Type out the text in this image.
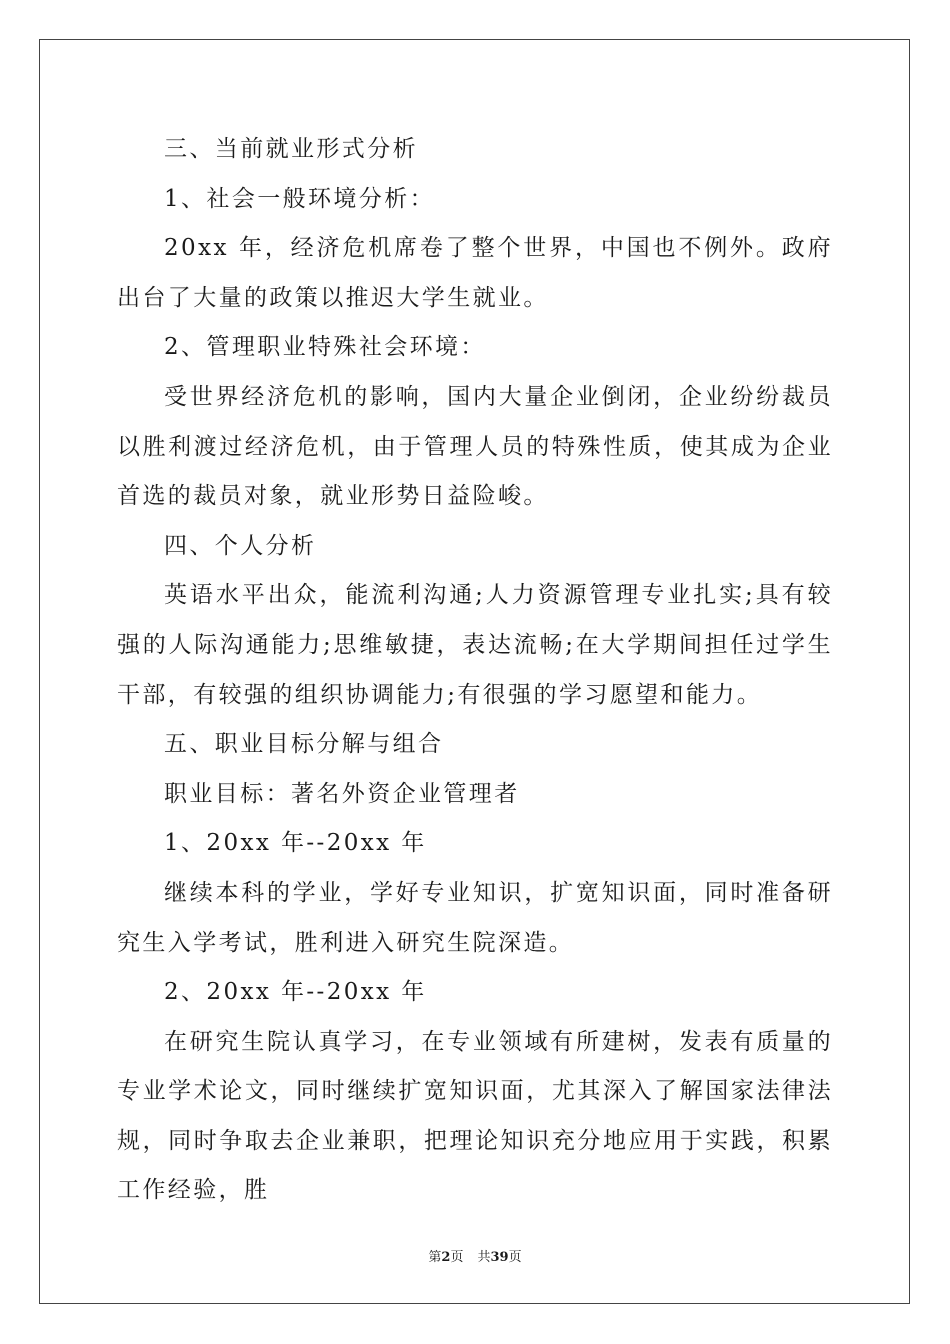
三、当前就业形式分析

1、社会一般环境分析：

20xx 年，经济危机席卷了整个世界，中国也不例外。政府出台了大量的政策以推迟大学生就业。

2、管理职业特殊社会环境：

受世界经济危机的影响，国内大量企业倒闭，企业纷纷裁员以胜利渡过经济危机，由于管理人员的特殊性质，使其成为企业首选的裁员对象，就业形势日益险峻。

四、个人分析

英语水平出众，能流利沟通;人力资源管理专业扎实;具有较强的人际沟通能力;思维敏捷，表达流畅;在大学期间担任过学生干部，有较强的组织协调能力;有很强的学习愿望和能力。

五、职业目标分解与组合

职业目标：著名外资企业管理者

1、20xx 年--20xx 年

继续本科的学业，学好专业知识，扩宽知识面，同时准备研究生入学考试，胜利进入研究生院深造。

2、20xx 年--20xx 年

在研究生院认真学习，在专业领域有所建树，发表有质量的专业学术论文，同时继续扩宽知识面，尤其深入了解国家法律法规，同时争取去企业兼职，把理论知识充分地应用于实践，积累工作经验，胜

第2页 共39页
